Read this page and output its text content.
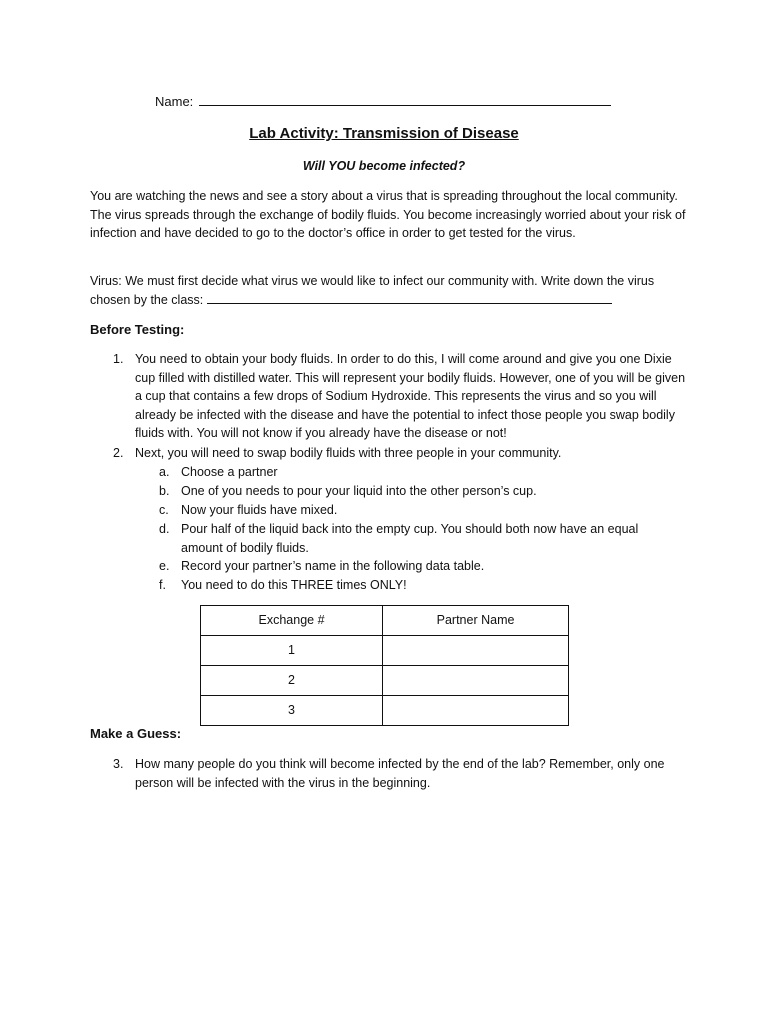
Name:
Lab Activity: Transmission of Disease
Will YOU become infected?
You are watching the news and see a story about a virus that is spreading throughout the local community. The virus spreads through the exchange of bodily fluids. You become increasingly worried about your risk of infection and have decided to go to the doctor’s office in order to get tested for the virus.
Virus: We must first decide what virus we would like to infect our community with. Write down the virus chosen by the class:
Before Testing:
1. You need to obtain your body fluids. In order to do this, I will come around and give you one Dixie cup filled with distilled water. This will represent your bodily fluids. However, one of you will be given a cup that contains a few drops of Sodium Hydroxide. This represents the virus and so you will already be infected with the disease and have the potential to infect those people you swap bodily fluids with. You will not know if you already have the disease or not!
2. Next, you will need to swap bodily fluids with three people in your community.
a. Choose a partner
b. One of you needs to pour your liquid into the other person’s cup.
c. Now your fluids have mixed.
d. Pour half of the liquid back into the empty cup. You should both now have an equal amount of bodily fluids.
e. Record your partner’s name in the following data table.
f. You need to do this THREE times ONLY!
Exchange #	Partner Name
1	
2	
3	
Make a Guess:
3. How many people do you think will become infected by the end of the lab? Remember, only one person will be infected with the virus in the beginning.
